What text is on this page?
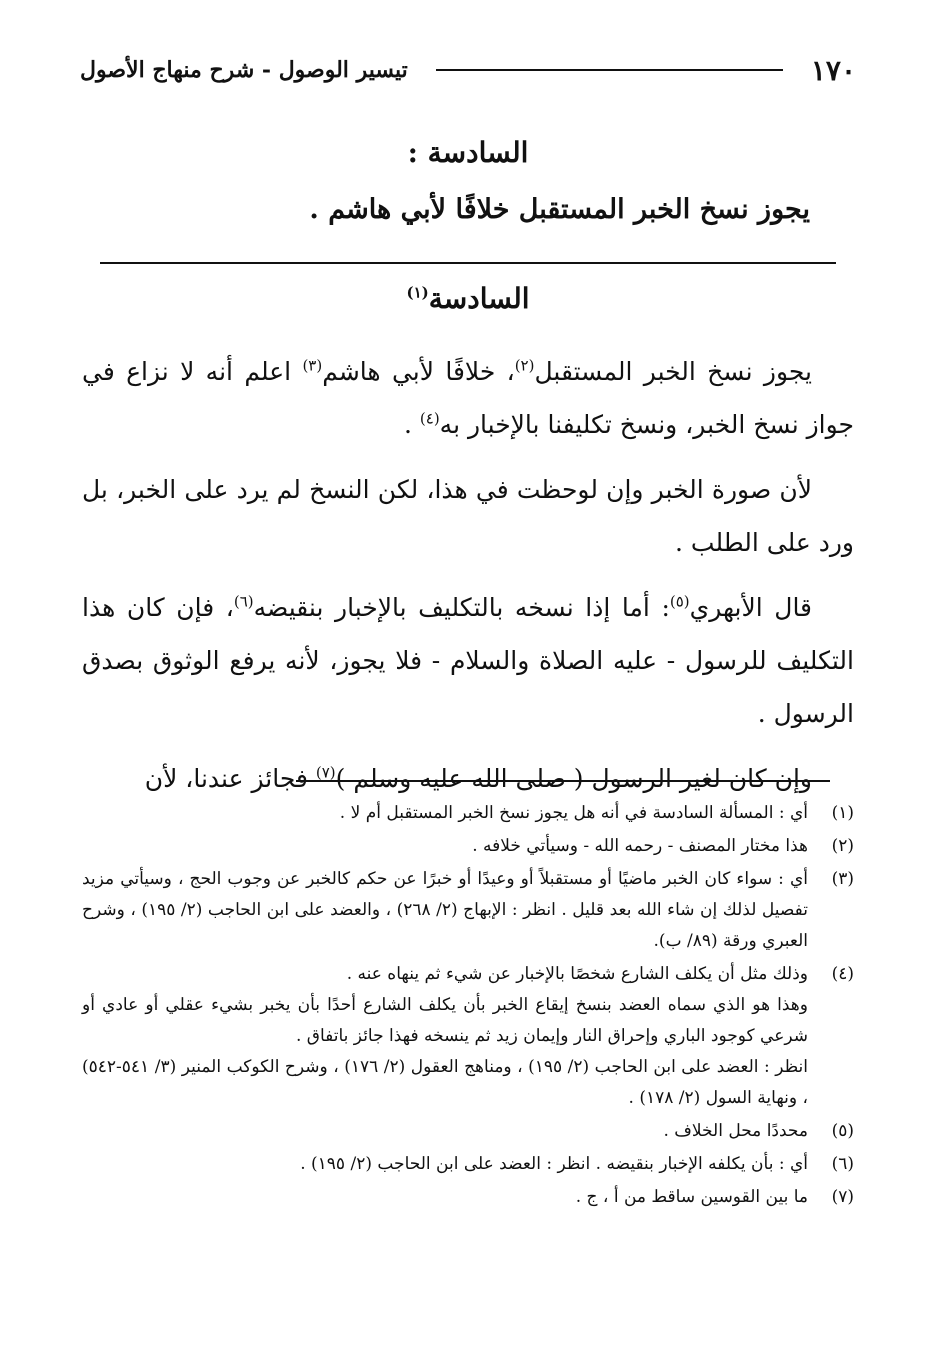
١٧٠
تيسير الوصول - شرح منهاج الأصول
السادسة :
يجوز نسخ الخبر المستقبل خلافًا لأبي هاشم .
السادسة$^{(١)}$

يجوز نسخ الخبر المستقبل$^{(٢)}$، خلافًا لأبي هاشم$^{(٣)}$ اعلم أنه لا نزاع في جواز نسخ الخبر، ونسخ تكليفنا بالإخبار به$^{(٤)}$ .

لأن صورة الخبر وإن لوحظت في هذا، لكن النسخ لم يرد على الخبر، بل ورد على الطلب .

قال الأبهري$^{(٥)}$: أما إذا نسخه بالتكليف بالإخبار بنقيضه$^{(٦)}$، فإن كان هذا التكليف للرسول - عليه الصلاة والسلام - فلا يجوز، لأنه يرفع الوثوق بصدق الرسول .

وإن كان لغير الرسول ( صلى الله عليه وسلم )$^{(٧)}$ فجائز عندنا، لأن

(١)
أي : المسألة السادسة في أنه هل يجوز نسخ الخبر المستقبل أم لا .
(٢)
هذا مختار المصنف - رحمه الله - وسيأتي خلافه .
(٣)
أي : سواء كان الخبر ماضيًا أو مستقبلاً أو وعيدًا أو خبرًا عن حكم كالخبر عن وجوب الحج ، وسيأتي مزيد تفصيل لذلك إن شاء الله بعد قليل . انظر : الإبهاج (٢/ ٢٦٨) ، والعضد على ابن الحاجب (٢/ ١٩٥) ، وشرح العبري ورقة (٨٩/ ب).
(٤)
وذلك مثل أن يكلف الشارع شخصًا بالإخبار عن شيء ثم ينهاه عنه .
وهذا هو الذي سماه العضد بنسخ إيقاع الخبر بأن يكلف الشارع أحدًا بأن يخبر بشيء عقلي أو عادي أو شرعي كوجود الباري وإحراق النار وإيمان زيد ثم ينسخه فهذا جائز باتفاق .
انظر : العضد على ابن الحاجب (٢/ ١٩٥) ، ومناهج العقول (٢/ ١٧٦) ، وشرح الكوكب المنير (٣/ ٥٤١-٥٤٢) ، ونهاية السول (٢/ ١٧٨) .
(٥)
محددًا محل الخلاف .
(٦)
أي : بأن يكلفه الإخبار بنقيضه . انظر : العضد على ابن الحاجب (٢/ ١٩٥) .
(٧)
ما بين القوسين ساقط من أ ، ج .
